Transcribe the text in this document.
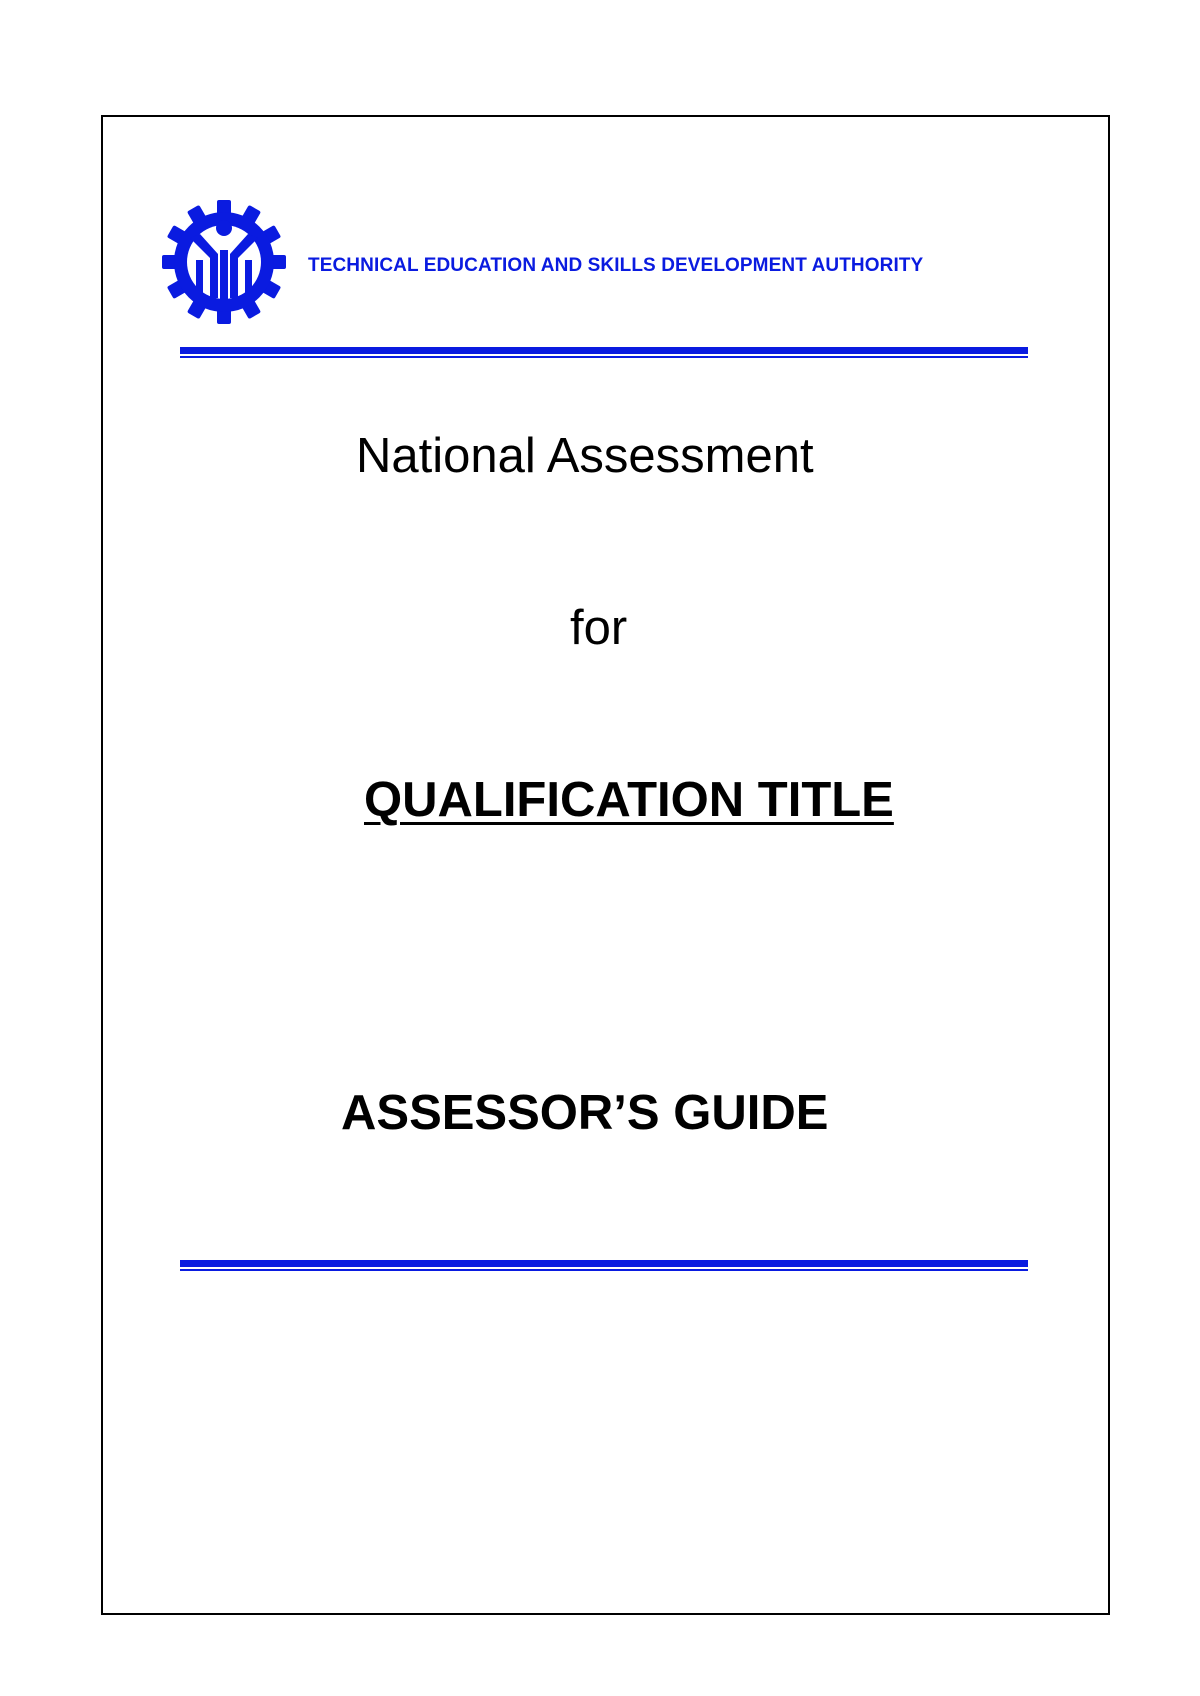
TECHNICAL EDUCATION AND SKILLS DEVELOPMENT AUTHORITY
National Assessment
for
QUALIFICATION TITLE
ASSESSOR’S GUIDE
